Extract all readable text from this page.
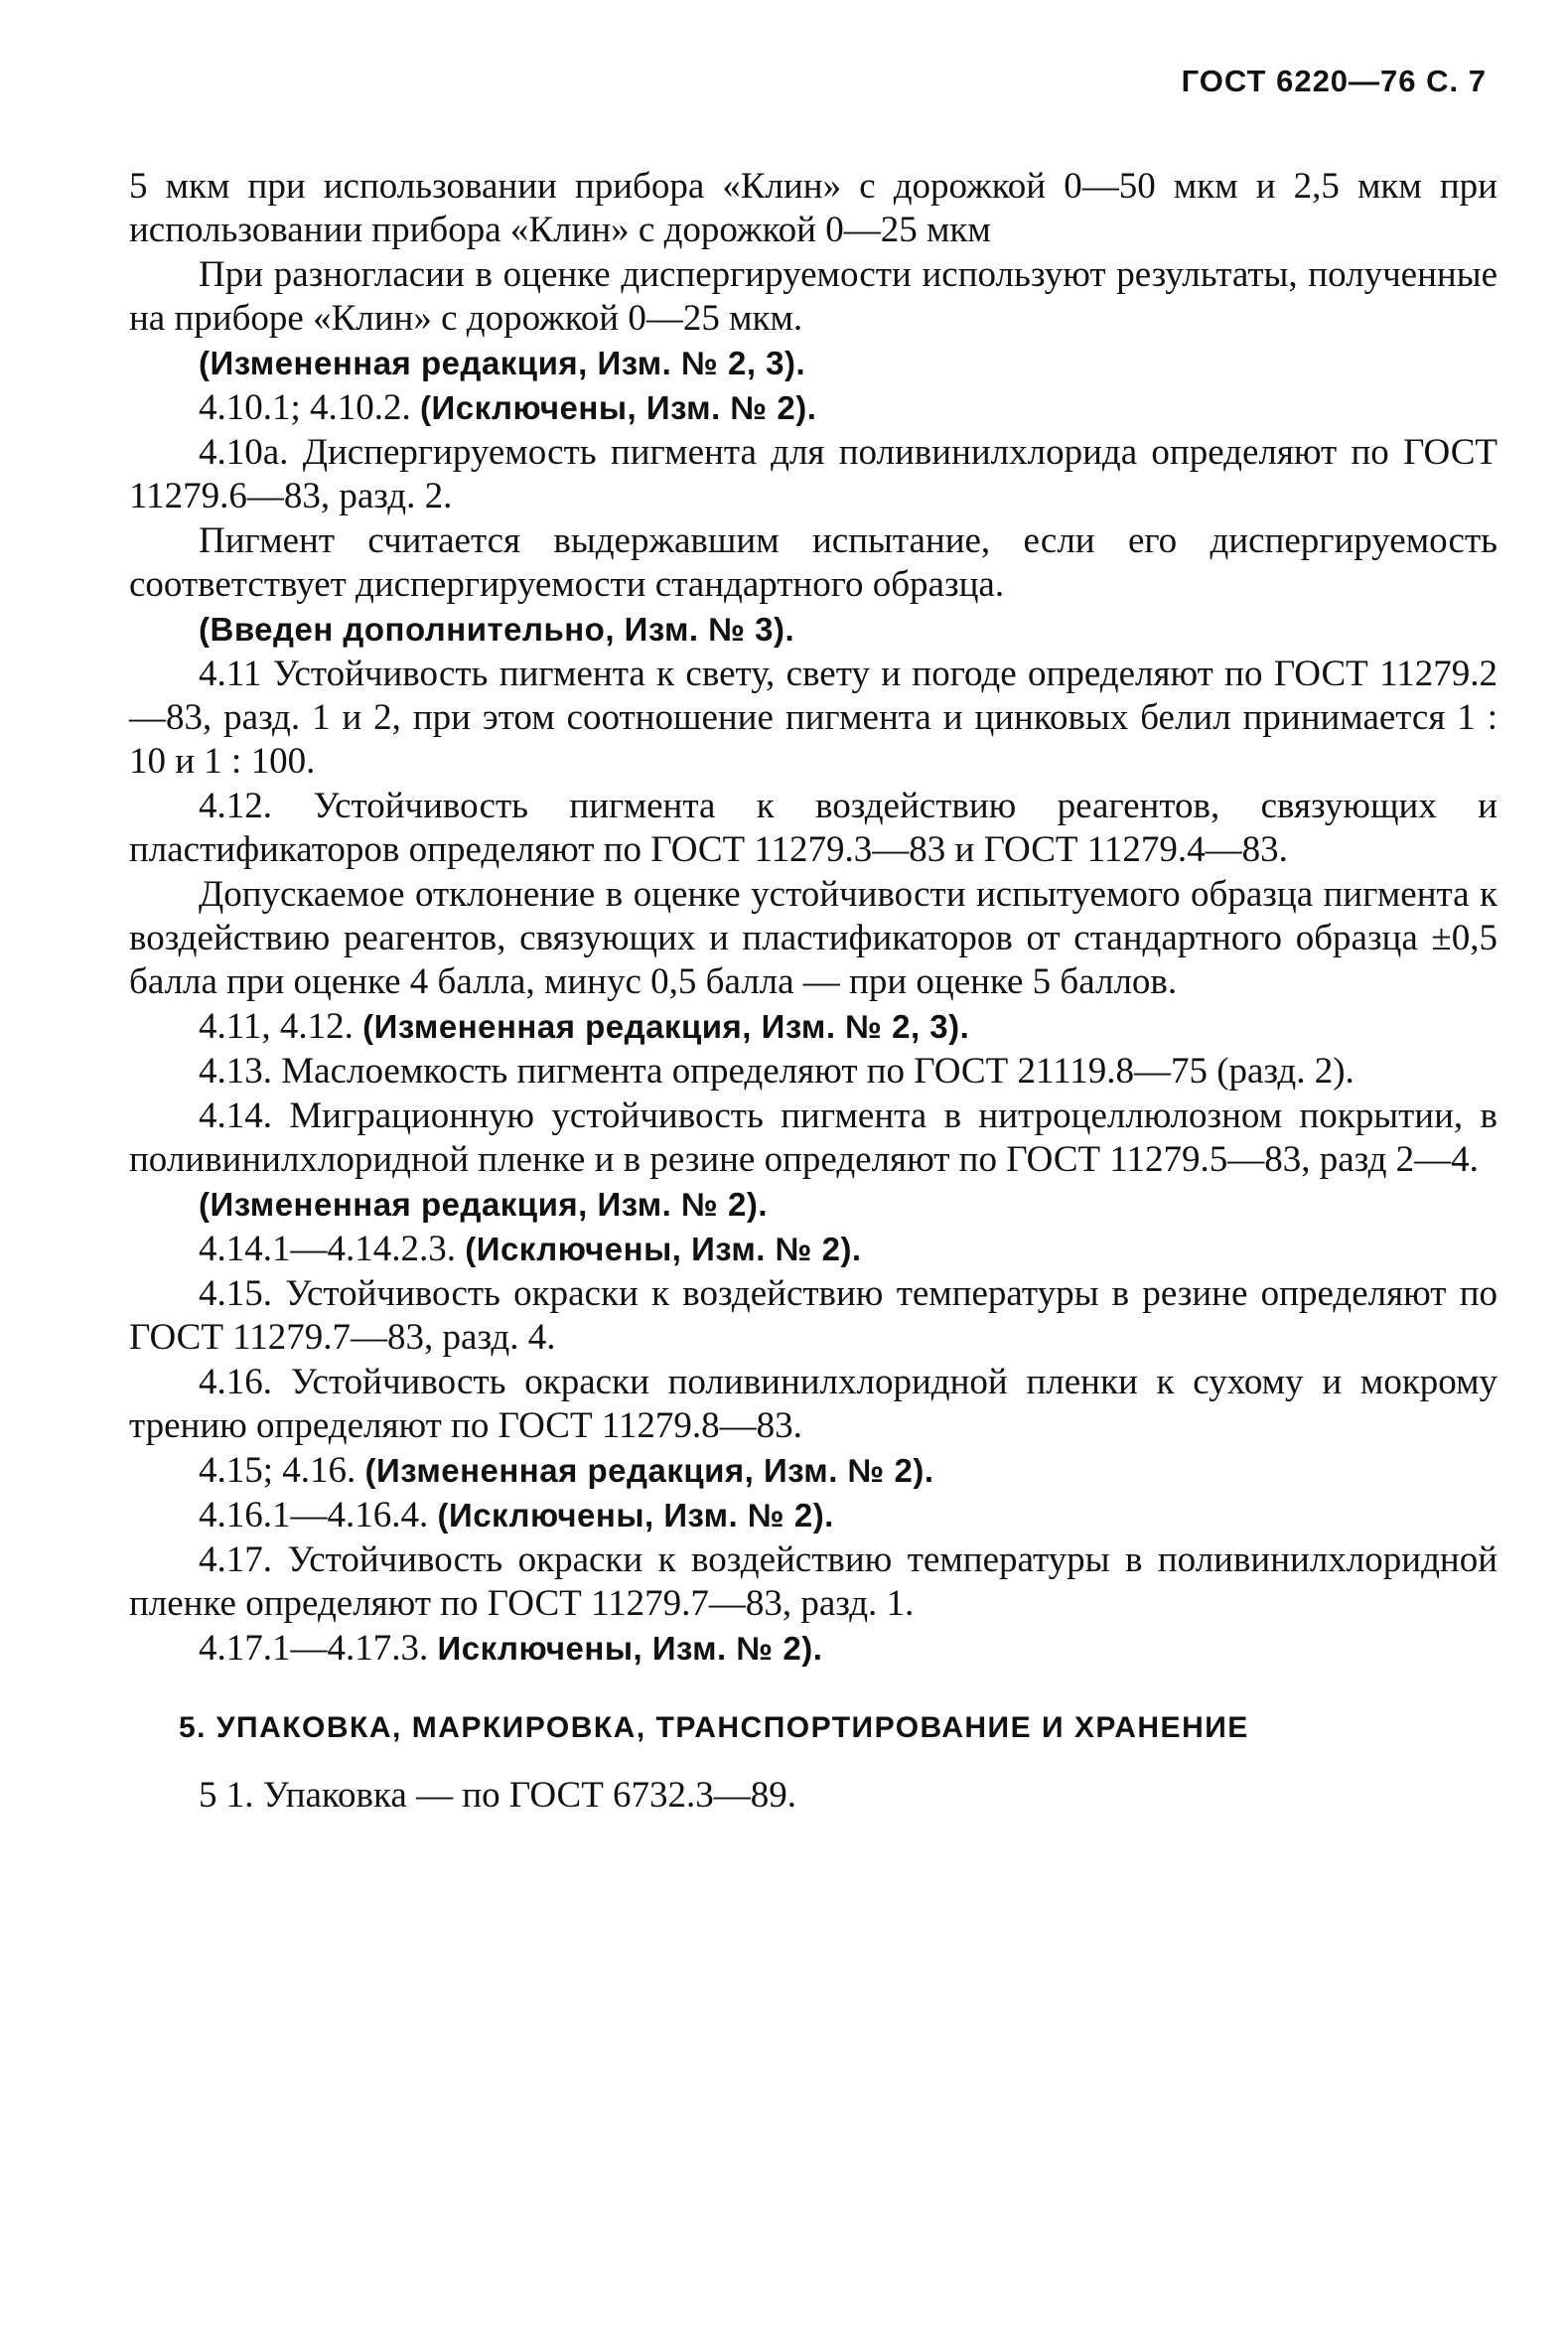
ГОСТ 6220—76 С. 7

5 мкм при использовании прибора «Клин» с дорожкой 0—50 мкм и 2,5 мкм при использовании прибора «Клин» с дорожкой 0—25 мкм

При разногласии в оценке диспергируемости используют результаты, полученные на приборе «Клин» с дорожкой 0—25 мкм.

(Измененная редакция, Изм. № 2, 3).

4.10.1; 4.10.2. (Исключены, Изм. № 2).

4.10а. Диспергируемость пигмента для поливинилхлорида определяют по ГОСТ 11279.6—83, разд. 2.

Пигмент считается выдержавшим испытание, если его диспергируемость соответствует диспергируемости стандартного образца.

(Введен дополнительно, Изм. № 3).

4.11 Устойчивость пигмента к свету, свету и погоде определяют по ГОСТ 11279.2—83, разд. 1 и 2, при этом соотношение пигмента и цинковых белил принимается 1 : 10 и 1 : 100.

4.12. Устойчивость пигмента к воздействию реагентов, связующих и пластификаторов определяют по ГОСТ 11279.3—83 и ГОСТ 11279.4—83.

Допускаемое отклонение в оценке устойчивости испытуемого образца пигмента к воздействию реагентов, связующих и пластификаторов от стандартного образца ±0,5 балла при оценке 4 балла, минус 0,5 балла — при оценке 5 баллов.

4.11, 4.12. (Измененная редакция, Изм. № 2, 3).

4.13. Маслоемкость пигмента определяют по ГОСТ 21119.8—75 (разд. 2).

4.14. Миграционную устойчивость пигмента в нитроцеллюлозном покрытии, в поливинилхлоридной пленке и в резине определяют по ГОСТ 11279.5—83, разд 2—4.

(Измененная редакция, Изм. № 2).

4.14.1—4.14.2.3. (Исключены, Изм. № 2).

4.15. Устойчивость окраски к воздействию температуры в резине определяют по ГОСТ 11279.7—83, разд. 4.

4.16. Устойчивость окраски поливинилхлоридной пленки к сухому и мокрому трению определяют по ГОСТ 11279.8—83.

4.15; 4.16. (Измененная редакция, Изм. № 2).

4.16.1—4.16.4. (Исключены, Изм. № 2).

4.17. Устойчивость окраски к воздействию температуры в поливинилхлоридной пленке определяют по ГОСТ 11279.7—83, разд. 1.

4.17.1—4.17.3. Исключены, Изм. № 2).

5. УПАКОВКА, МАРКИРОВКА, ТРАНСПОРТИРОВАНИЕ И ХРАНЕНИЕ

5 1. Упаковка — по ГОСТ 6732.3—89.
